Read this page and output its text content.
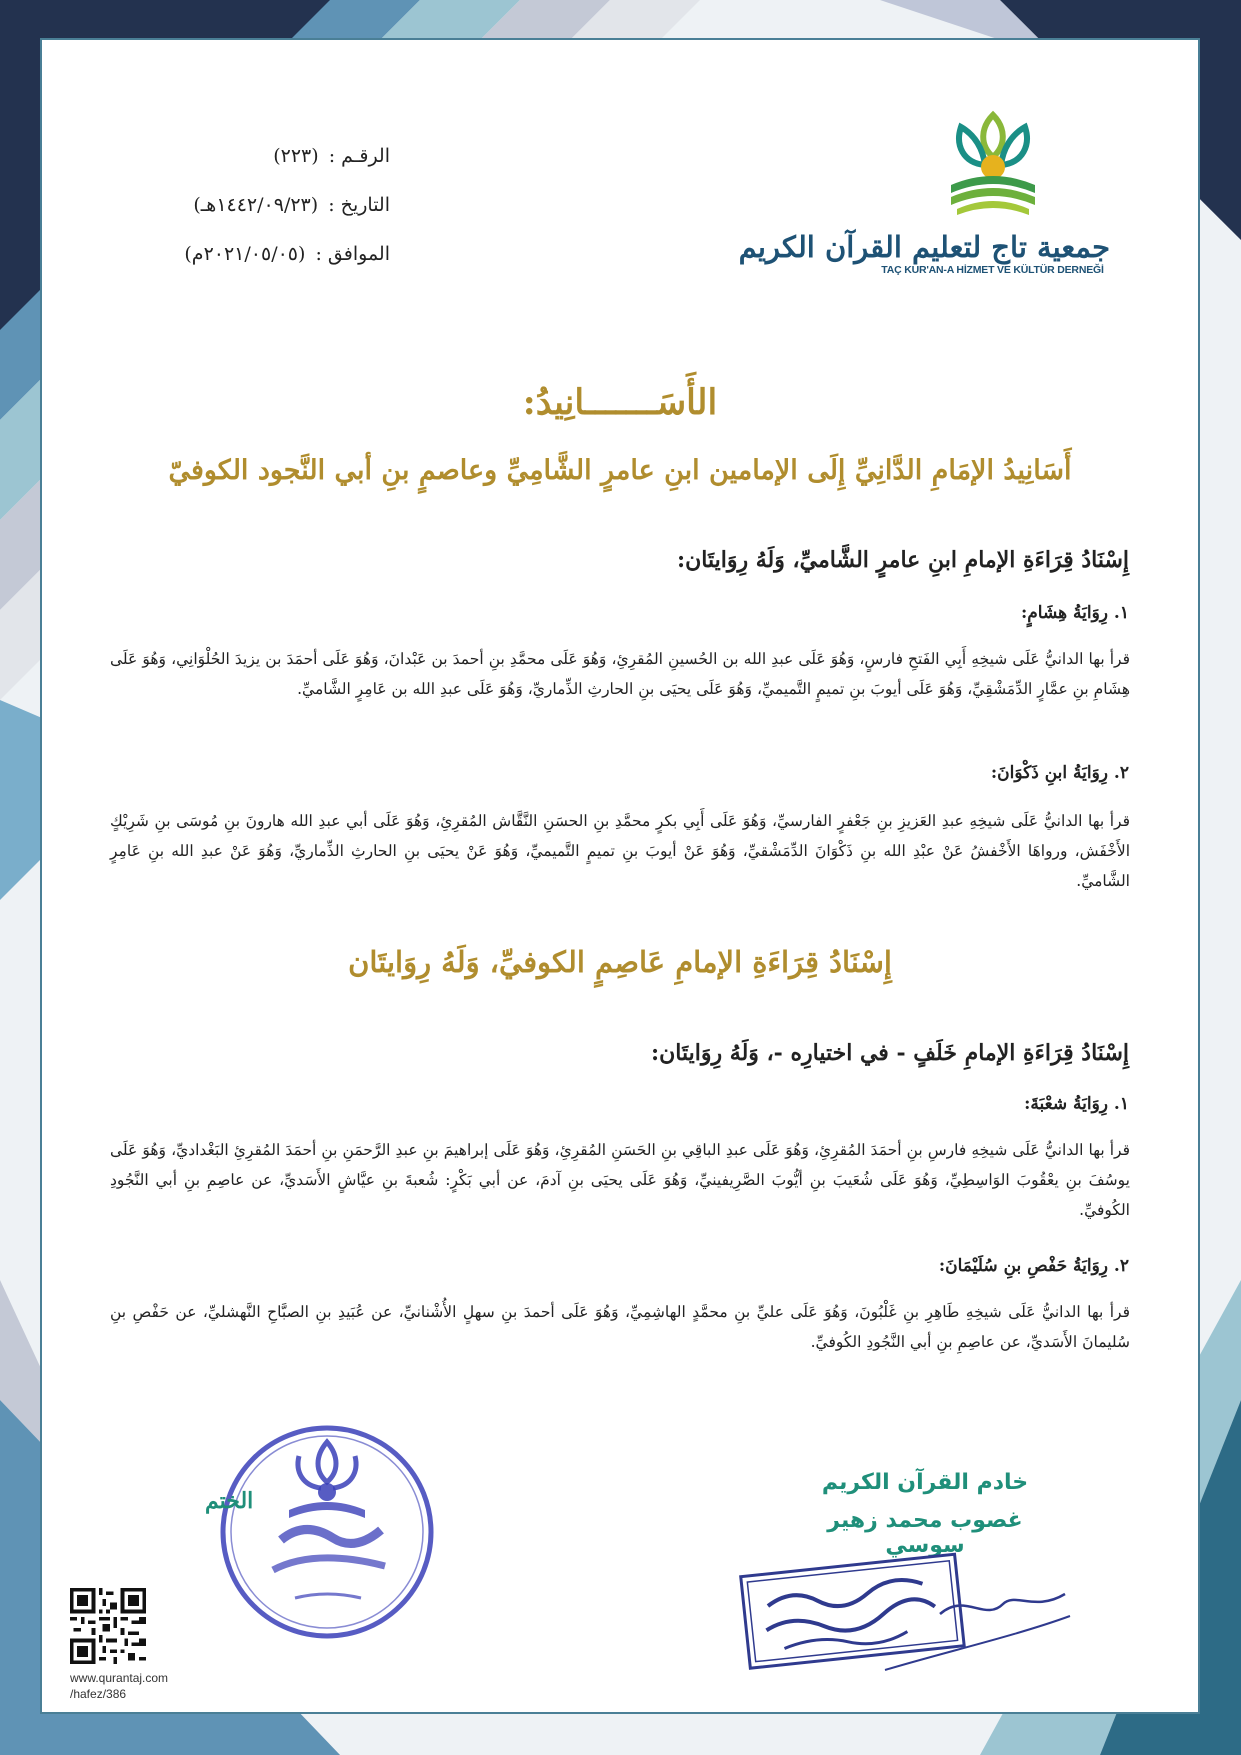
جمعية تاج لتعليم القرآن الكريم
TAÇ KUR'AN-A HİZMET VE KÜLTÜR DERNEĞİ
الرقـم : (٢٢٣)
التاريخ : (١٤٤٢/٠٩/٢٣هـ)
الموافق : (٢٠٢١/٠٥/٠٥م)
الأَسَـــــــانِيدُ:
أَسَانِيدُ الإمَامِ الدَّانِيِّ إِلَى الإمامين ابنِ عامرٍ الشَّامِيِّ وعاصمٍ بنِ أبي النَّجود الكوفيّ
إِسْنَادُ قِرَاءَةِ الإمامِ ابنِ عامرٍ الشَّاميِّ، وَلَهُ رِوَايتَان:
١. رِوَايَةُ هِشَامٍ:
قرأ بها الدانيُّ عَلَى شيخِهِ أَبِي الفَتحِ فارسٍ، وَهُوَ عَلَى عبدِ الله بن الحُسينِ المُقرِئِ، وَهُوَ عَلَى محمَّدِ بنِ أحمدَ بن عَبْدانَ، وَهُوَ عَلَى أحمَدَ بن يزيدَ الحُلْوَانِي، وَهُوَ عَلَى هِشَامِ بنِ عمَّارٍ الدِّمَشْقِيِّ، وَهُوَ عَلَى أيوبَ بنِ تميمٍ التَّميميِّ، وَهُوَ عَلَى يحيَى بنِ الحارثِ الذِّماريِّ، وَهُوَ عَلَى عبدِ الله بن عَامِرٍ الشَّاميِّ.
٢. رِوَايَةُ ابنِ ذَكْوَانَ:
قرأ بها الدانيُّ عَلَى شيخِهِ عبدِ العَزيزِ بنِ جَعْفرٍ الفارسيِّ، وَهُوَ عَلَى أَبِي بكرٍ محمَّدِ بنِ الحسَنِ النَّقَّاش المُقرِئِ، وَهُوَ عَلَى أبي عبدِ الله هارونَ بنِ مُوسَى بنِ شَرِيْكٍ الأَخْفَش، ورواهَا الأَخْفشُ عَنْ عبْدِ الله بنِ ذَكْوَانَ الدِّمَشْقيِّ، وَهُوَ عَنْ أيوبَ بنِ تميمٍ التَّميميِّ، وَهُوَ عَنْ يحيَى بنِ الحارثِ الذِّماريِّ، وَهُوَ عَنْ عبدِ الله بنِ عَامِرٍ الشَّاميِّ.
إِسْنَادُ قِرَاءَةِ الإمامِ عَاصِمٍ الكوفيِّ، وَلَهُ رِوَايتَان
إِسْنَادُ قِرَاءَةِ الإمامِ خَلَفٍ - في اختيارِه -، وَلَهُ رِوَايتَان:
١. رِوَايَةُ شعْبَةَ:
قرأ بها الدانيُّ عَلَى شيخِهِ فارسِ بنِ أحمَدَ المُقرِئِ، وَهُوَ عَلَى عبدِ الباقِي بنِ الحَسَنِ المُقرِئِ، وَهُوَ عَلَى إبراهيمَ بنِ عبدِ الرَّحمَنِ بنِ أحمَدَ المُقرِئِ البَغْداديِّ، وَهُوَ عَلَى يوسُفَ بنِ يعْقُوبَ الوَاسِطِيِّ، وَهُوَ عَلَى شُعَيبَ بنِ أيُّوبَ الصَّرِيفينيِّ، وَهُوَ عَلَى يحيَى بنِ آدمَ، عن أبي بَكْرٍ: شُعبةَ بنِ عيَّاشٍ الأَسَديِّ، عن عاصِمِ بنِ أبي النَّجُودِ الكُوفيِّ.
٢. رِوَايَةُ حَفْصِ بنِ سُلَيْمَانَ:
قرأ بها الدانيُّ عَلَى شيخِهِ طَاهِرِ بنِ غَلْبُونَ، وَهُوَ عَلَى عليِّ بنِ محمَّدٍ الهاشِمِيِّ، وَهُوَ عَلَى أحمدَ بنِ سهلٍ الأُشْنانيِّ، عن عُبَيدِ بنِ الصبَّاحِ النَّهشليِّ، عن حَفْصِ بنِ سُليمانَ الأَسَديِّ، عن عاصِمِ بنِ أبي النَّجُودِ الكُوفيِّ.
الختم
خادم القرآن الكريم
غصوب محمد زهير سوسي
www.qurantaj.com
/hafez/386
